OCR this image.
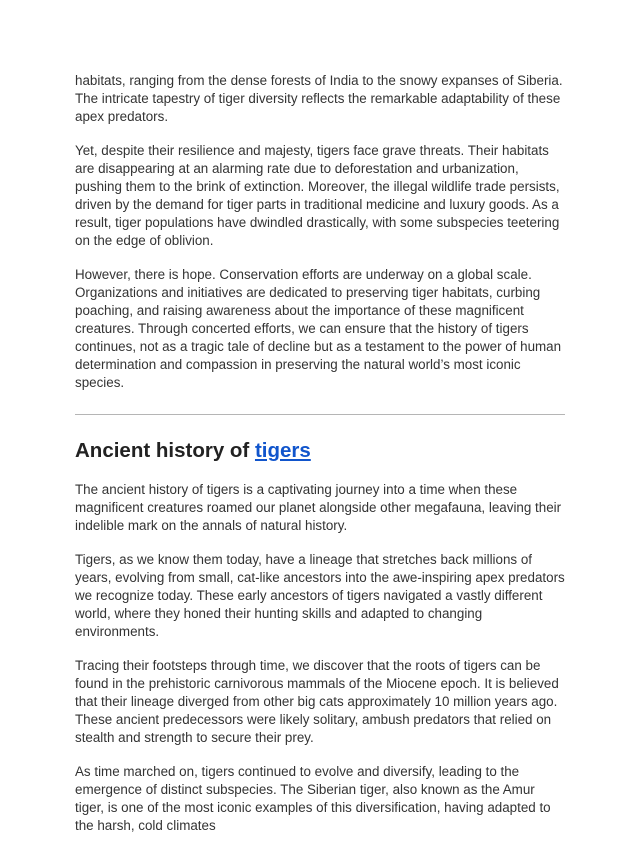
habitats, ranging from the dense forests of India to the snowy expanses of Siberia. The intricate tapestry of tiger diversity reflects the remarkable adaptability of these apex predators.

Yet, despite their resilience and majesty, tigers face grave threats. Their habitats are disappearing at an alarming rate due to deforestation and urbanization, pushing them to the brink of extinction. Moreover, the illegal wildlife trade persists, driven by the demand for tiger parts in traditional medicine and luxury goods. As a result, tiger populations have dwindled drastically, with some subspecies teetering on the edge of oblivion.

However, there is hope. Conservation efforts are underway on a global scale. Organizations and initiatives are dedicated to preserving tiger habitats, curbing poaching, and raising awareness about the importance of these magnificent creatures. Through concerted efforts, we can ensure that the history of tigers continues, not as a tragic tale of decline but as a testament to the power of human determination and compassion in preserving the natural world’s most iconic species.

Ancient history of tigers

The ancient history of tigers is a captivating journey into a time when these magnificent creatures roamed our planet alongside other megafauna, leaving their indelible mark on the annals of natural history.

Tigers, as we know them today, have a lineage that stretches back millions of years, evolving from small, cat-like ancestors into the awe-inspiring apex predators we recognize today. These early ancestors of tigers navigated a vastly different world, where they honed their hunting skills and adapted to changing environments.

Tracing their footsteps through time, we discover that the roots of tigers can be found in the prehistoric carnivorous mammals of the Miocene epoch. It is believed that their lineage diverged from other big cats approximately 10 million years ago. These ancient predecessors were likely solitary, ambush predators that relied on stealth and strength to secure their prey.

As time marched on, tigers continued to evolve and diversify, leading to the emergence of distinct subspecies. The Siberian tiger, also known as the Amur tiger, is one of the most iconic examples of this diversification, having adapted to the harsh, cold climates
